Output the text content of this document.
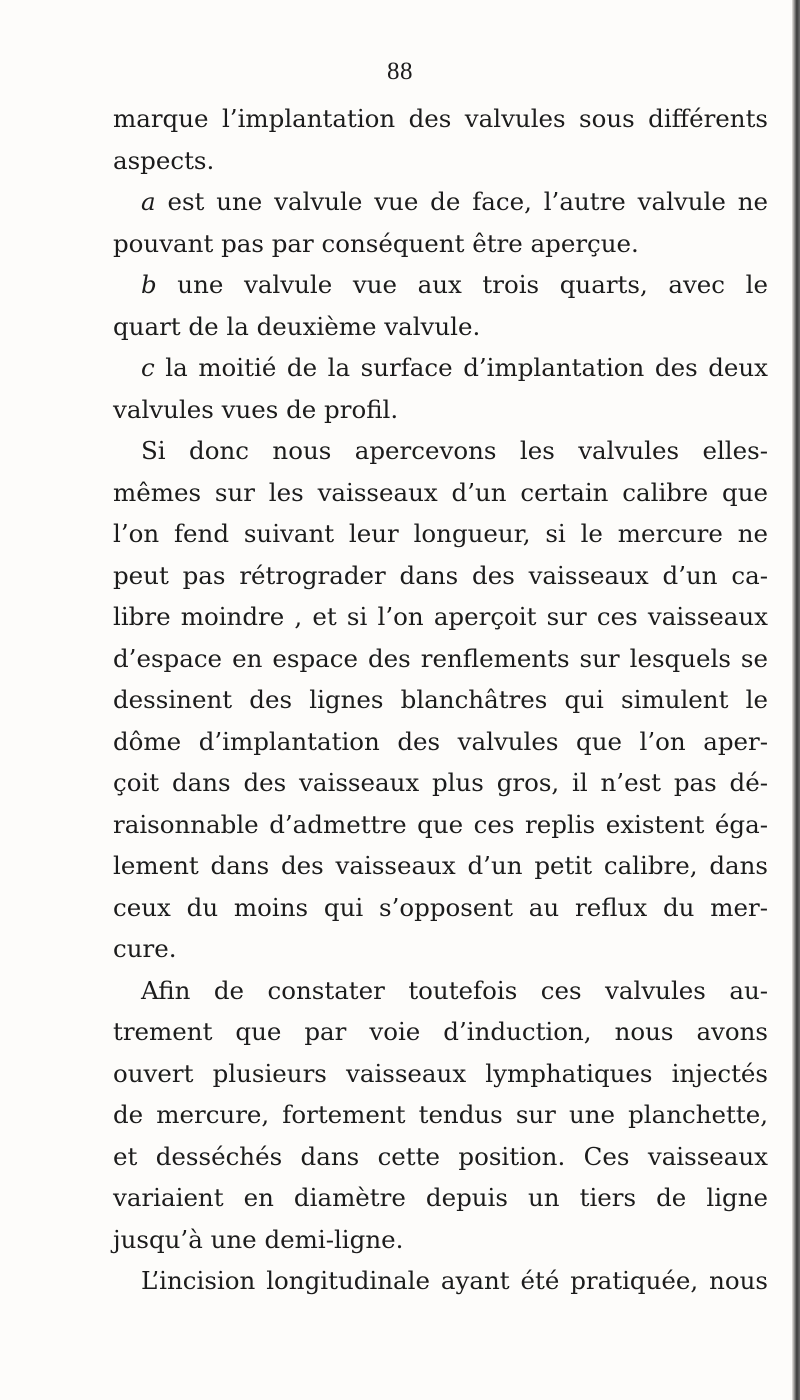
88
marque l’implantation des valvules sous différents
aspects.
a est une valvule vue de face, l’autre valvule ne
pouvant pas par conséquent être aperçue.
b une valvule vue aux trois quarts, avec le
quart de la deuxième valvule.
c la moitié de la surface d’implantation des deux
valvules vues de profil.
Si donc nous apercevons les valvules elles-
mêmes sur les vaisseaux d’un certain calibre que
l’on fend suivant leur longueur, si le mercure ne
peut pas rétrograder dans des vaisseaux d’un ca-
libre moindre , et si l’on aperçoit sur ces vaisseaux
d’espace en espace des renflements sur lesquels se
dessinent des lignes blanchâtres qui simulent le
dôme d’implantation des valvules que l’on aper-
çoit dans des vaisseaux plus gros, il n’est pas dé-
raisonnable d’admettre que ces replis existent éga-
lement dans des vaisseaux d’un petit calibre, dans
ceux du moins qui s’opposent au reflux du mer-
cure.
Afin de constater toutefois ces valvules au-
trement que par voie d’induction, nous avons
ouvert plusieurs vaisseaux lymphatiques injectés
de mercure, fortement tendus sur une planchette,
et desséchés dans cette position. Ces vaisseaux
variaient en diamètre depuis un tiers de ligne
jusqu’à une demi-ligne.
L’incision longitudinale ayant été pratiquée, nous
